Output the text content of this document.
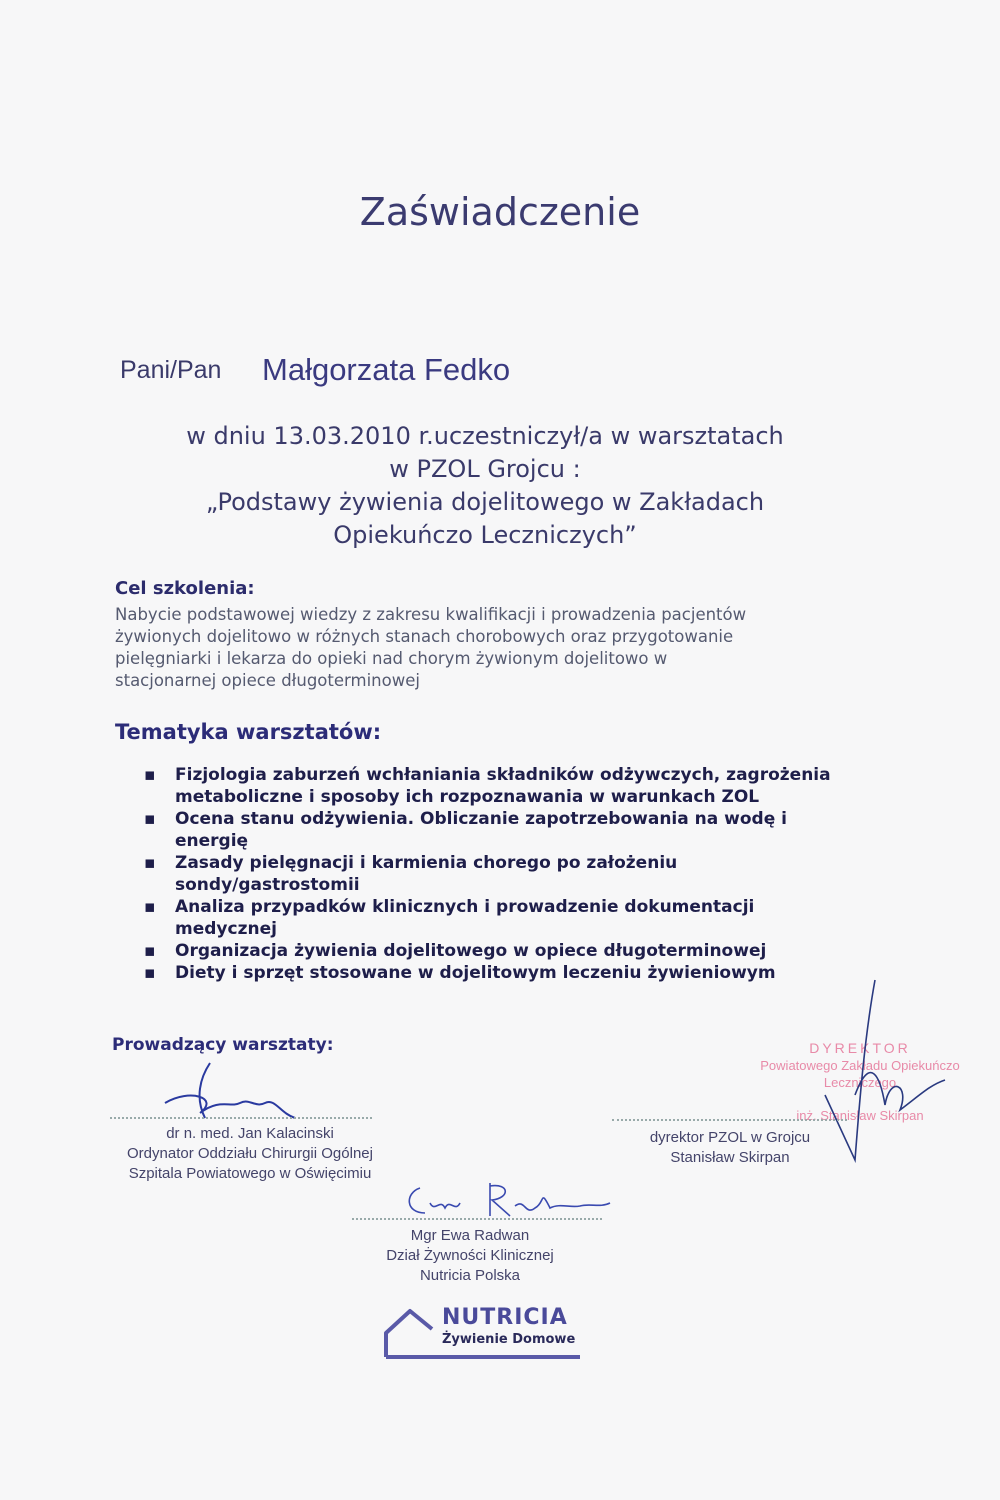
Zaświadczenie
Pani/Pan Małgorzata Fedko
w dniu 13.03.2010 r.uczestniczył/a w warsztatach
w PZOL Grojcu :
„Podstawy żywienia dojelitowego w Zakładach
Opiekuńczo Leczniczych”
Cel szkolenia:
Nabycie podstawowej wiedzy z zakresu kwalifikacji i prowadzenia pacjentów
żywionych dojelitowo w różnych stanach chorobowych oraz przygotowanie
pielęgniarki i lekarza do opieki nad chorym żywionym dojelitowo w
stacjonarnej opiece długoterminowej
Tematyka warsztatów:
▪ Fizjologia zaburzeń wchłaniania składników odżywczych, zagrożenia metaboliczne i sposoby ich rozpoznawania w warunkach ZOL
▪ Ocena stanu odżywienia. Obliczanie zapotrzebowania na wodę i energię
▪ Zasady pielęgnacji i karmienia chorego po założeniu sondy/gastrostomii
▪ Analiza przypadków klinicznych i prowadzenie dokumentacji medycznej
▪ Organizacja żywienia dojelitowego w opiece długoterminowej
▪ Diety i sprzęt stosowane w dojelitowym leczeniu żywieniowym
Prowadzący warsztaty:
dr n. med. Jan Kalacinski
Ordynator Oddziału Chirurgii Ogólnej
Szpitala Powiatowego w Oświęcimiu
DYREKTOR
Powiatowego Zakładu Opiekuńczo
Leczniczego
inż. Stanisław Skirpan
dyrektor PZOL w Grojcu
Stanisław Skirpan
Mgr Ewa Radwan
Dział Żywności Klinicznej
Nutricia Polska
NUTRICIA
Żywienie Domowe
